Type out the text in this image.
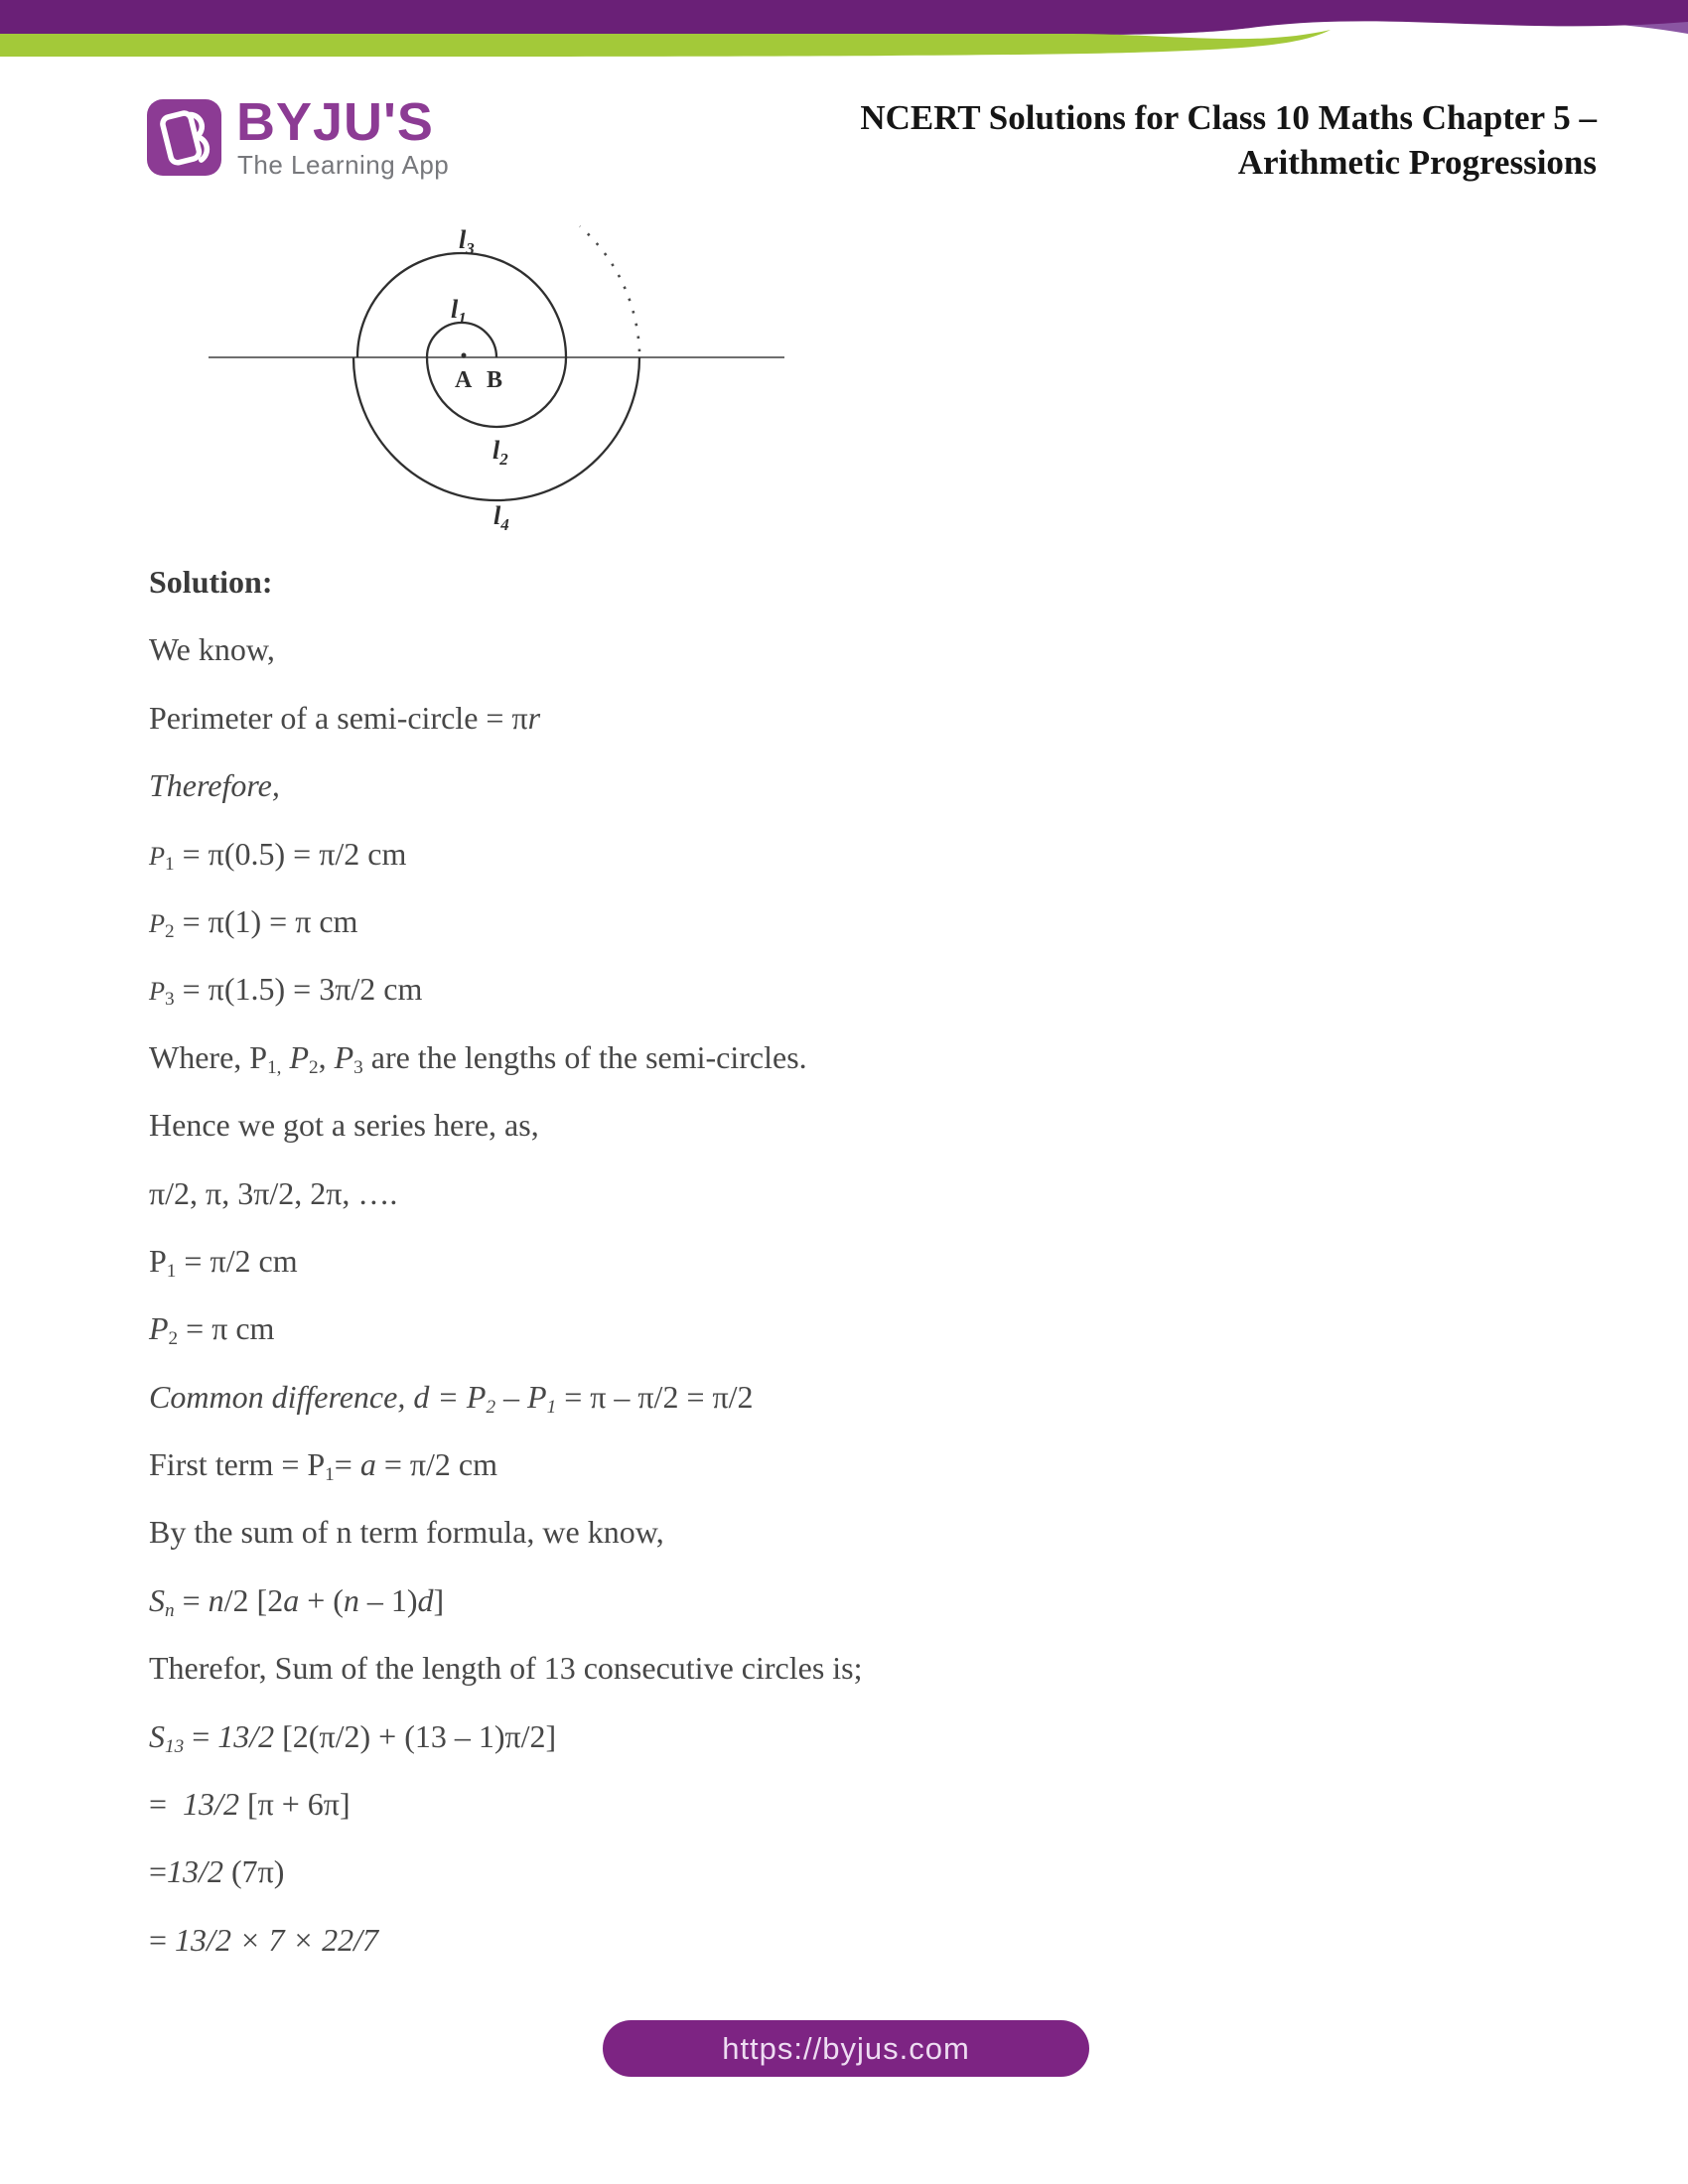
BYJU'S
The Learning App
NCERT Solutions for Class 10 Maths Chapter 5 –
Arithmetic Progressions
$l_3$
$l_1$
A B
$l_2$
$l_4$

Solution:

We know,

Perimeter of a semi-circle = πr

Therefore,

$P_1 = \pi(0.5) = \pi/2$ cm

$P_2 = \pi(1) = \pi$ cm

$P_3 = \pi(1.5) = 3\pi/2$ cm

Where, $P_{1,}$ $P_2$, $P_3$ are the lengths of the semi-circles.

Hence we got a series here, as,

π/2, π, 3π/2, 2π, ….

$P_1 = \pi/2$ cm

$P_2 = \pi$ cm

Common difference, $d = P_2 - P_1 = \pi - \pi/2 = \pi/2$

First term = $P_1= a = \pi/2$ cm

By the sum of n term formula, we know,

$S_n = n/2$ [2a + (n – 1)d]

Therefor, Sum of the length of 13 consecutive circles is;

$S_{13} = 13/2$ [2(π/2) + (13 – 1)π/2]

=  13/2 [π + 6π]

=13/2 (7π)

= 13/2 × 7 × 22/7

https://byjus.com
